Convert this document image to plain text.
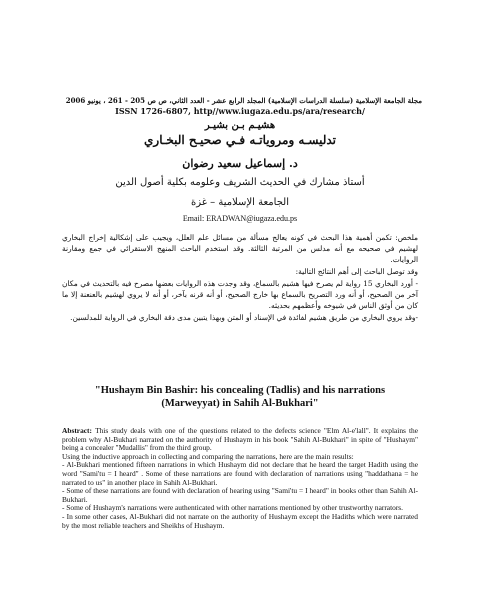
مجلة الجامعة الإسلامية (سلسلة الدراسات الإسلامية) المجلد الرابع عشر - العدد الثاني، ص ص 205 - 261 ، يونيو 2006
ISSN 1726-6807, http//www.iugaza.edu.ps/ara/research/
هشيـم بـن بشيـر
تدليسـه ومروياتـه فـي صحيـح البخـاري
د. إسماعيل سعيد رضوان
أستاذ مشارك في الحديث الشريف وعلومه بكلية أصول الدين
الجامعة الإسلامية – غزة
Email: ERADWAN@iugaza.edu.ps

ملخص: تكمن أهمية هذا البحث في كونه يعالج مسألة من مسائل علم العلل، ويجيب على إشكالية إخراج البخاري لهشيم في صحيحه مع أنه مدلس من المرتبة الثالثة. وقد استخدم الباحث المنهج الاستقرائي في جمع ومقارنة الروايات.

وقد توصل الباحث إلى أهم النتائج التالية:

- أورد البخاري 15 رواية لم يصرح فيها هشيم بالسماع، وقد وجدت هذه الروايات بعضها مصرح فيه بالتحديث في مكان آخر من الصحيح، أو أنه ورد التصريح بالسماع بها خارج الصحيح، أو أنه قرنه بآخر، أو أنه لا يروي لهشيم بالعنعنة إلا ما كان من أوثق الناس في شيوخه وأعظمهم بحديثه.

-وقد يروي البخاري من طريق هشيم لفائدة في الإسناد أو المتن وبهذا يتبين مدى دقة البخاري في الرواية للمدلسين.

"Hushaym Bin Bashir: his concealing (Tadlis) and his narrations (Marweyyat) in Sahih Al-Bukhari"

Abstract: This study deals with one of the questions related to the defects science "Elm Al-e'lall". It explains the problem why Al-Bukhari narrated on the authority of Hushaym in his book "Sahih Al-Bukhari" in spite of "Hushaym" being a concealer "Mudallis" from the third group.

Using the inductive approach in collecting and comparing the narrations, here are the main results:

- Al-Bukhari mentioned fifteen narrations in which Hushaym did not declare that he heard the target Hadith using the word "Sami'tu = I heard" . Some of these narrations are found with declaration of narrations using "haddathana = he narrated to us" in another place in Sahih Al-Bukhari.

- Some of these narrations are found with declaration of hearing using "Sami'tu = I heard" in books other than Sahih Al-Bukhari.

- Some of Hushaym's narrations were authenticated with other narrations mentioned by other trustworthy narrators.

- In some other cases, Al-Bukhari did not narrate on the authority of Hushaym except the Hadiths which were narrated by the most reliable teachers and Sheikhs of Hushaym.
